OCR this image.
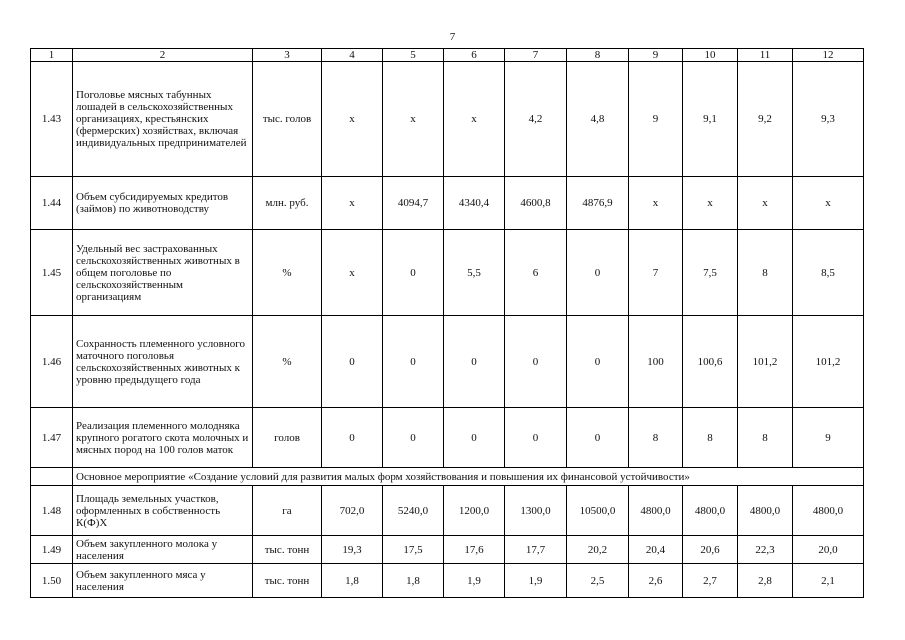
7
1	2	3	4	5	6	7	8	9	10	11	12
1.43	Поголовье мясных табунных лошадей в сельскохозяйственных организациях, крестьянских (фермерских) хозяйствах, включая индивидуальных предпринимателей	тыс. голов	x	x	x	4,2	4,8	9	9,1	9,2	9,3
1.44	Объем субсидируемых кредитов (займов) по животноводству	млн. руб.	x	4094,7	4340,4	4600,8	4876,9	x	x	x	x
1.45	Удельный вес застрахованных сельскохозяйственных животных в общем поголовье по сельскохозяйственным организациям	%	x	0	5,5	6	0	7	7,5	8	8,5
1.46	Сохранность племенного условного маточного поголовья сельскохозяйственных животных к уровню предыдущего года	%	0	0	0	0	0	100	100,6	101,2	101,2
1.47	Реализация племенного молодняка крупного рогатого скота молочных и мясных пород на 100 голов маток	голов	0	0	0	0	0	8	8	8	9
	Основное мероприятие «Создание условий для развития малых форм хозяйствования и повышения их финансовой устойчивости»										
1.48	Площадь земельных участков, оформленных в собственность К(Ф)Х	га	702,0	5240,0	1200,0	1300,0	10500,0	4800,0	4800,0	4800,0	4800,0
1.49	Объем закупленного молока у населения	тыс. тонн	19,3	17,5	17,6	17,7	20,2	20,4	20,6	22,3	20,0
1.50	Объем закупленного мяса у населения	тыс. тонн	1,8	1,8	1,9	1,9	2,5	2,6	2,7	2,8	2,1
